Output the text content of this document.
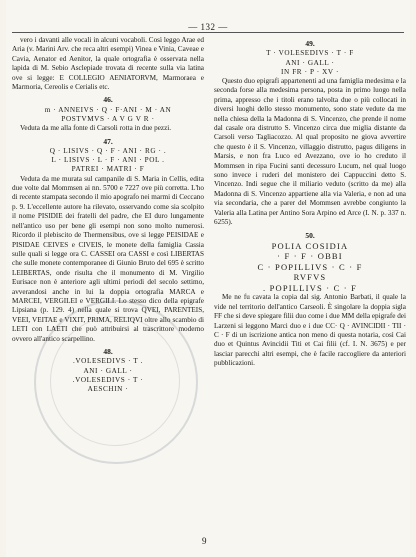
— 132 —

vero i davanti alle vocali in alcuni vocaboli. Così leggo Arae ed Aria (v. Marini Arv. che reca altri esempi) Vinea e Vinia, Caveae e Cavia, Aenator ed Aenitor, la quale ortografia è osservata nella lapida di M. Sebio Asclepiade trovata di recente sulla via latina ove si legge: E COLLEGIO AENIATORVM, Marmoraea e Marmoria, Cereolis e Cerialis etc.

46.

m · ANNEIVS · Q · F·ANI · M · AN

POSTVMVS · A V G V R ·

Veduta da me alla fonte di Carsoli rotta in due pezzi.

47.

Q · LISIVS · Q · F · ANI · RG · .

L · LISIVS · L · F · ANI · POL .

PATREI · MATRI · F

Veduta da me murata sul campanile di S. Maria in Cellis, edita due volte dal Mommsen ai nn. 5700 e 7227 ove più corretta. L'ho di recente stampata secondo il mio apografo nei marmi di Ceccano p. 9. L'eccellente autore ha rilevato, osservando come sia scolpito il nome PISIDIE dei fratelli del padre, che EI duro lungamente nell'antico uso per bene gli esempi non sono molto numerosi. Ricordo il plebiscito de Thermensibus, ove si legge PEISIDAE e PISIDAE CEIVES e CIVEIS, le monete della famiglia Cassia sulle quali si legge ora C. CASSEI ora CASSI e così LIBERTAS che sulle monete contemporanee di Giunio Bruto del 695 è scritto LEIBERTAS, onde risulta che il monumento di M. Virgilio Eurisace non è anteriore agli ultimi periodi del secolo settimo, avverandosi anche in lui la doppia ortografia MARCA e MARCEI, VERGILEI e VERGILI. Lo stesso dico della epigrafe Lipsiana (p. 129. 4) nella quale si trova QVEI, PARENTEIS, VEEI, VEITAE e VIXIT, PRIMA, RELIQVI oltre allo scambio di LETI con LAETI che può attribuirsi al trascrittore moderno ovvero all'antico scarpellino.

48.

.VOLESEDIVS · T .

ANI · GALL ·

.VOLESEDIVS · T ·

AESCHIN ·

49.

T · VOLESEDIVS · T · F

ANI · GALL ·

IN FR · P · XV ·

Questo duo epigrafi appartenenti ad una famiglia medesima e la seconda forse alla medesima persona, posta in primo luogo nella prima, appresso che i titoli erano talvolta due o più collocati in diversi luoghi dello stesso monumento, sono state vedute da me nella chiesa della la Madonna di S. Vincenzo, che prende il nome dal casale ora distrutto S. Vincenzo circa due miglia distante da Carsoli verso Tagliacozzo. Al qual proposito ne giova avvertire che questo è il S. Vincenzo, villaggio distrutto, pagus diligens in Marsis, e non fra Luco ed Avezzano, ove io ho creduto il Mommsen in ripa Fucini santi decessuro Lucum, nel qual luogo sono invece i ruderi del monistero dei Cappuccini detto S. Vincenzo. Indi segue che il miliario veduto (scritto da me) alla Madonna di S. Vincenzo appartiene alla via Valeria, e non ad una via secondaria, che a parer del Mommsen avrebbe congiunto la Valeria alla Latina per Antino Sora Arpino ed Arce (I. N. p. 337 n. 6255).

50.

POLIA COSIDIA

· F · F · OBBI

C · POPILLIVS · C · F

RVFVS

. POPILLIVS · C · F

Me ne fu cavata la copia dal sig. Antonio Barbati, il quale la vide nel territorio dell'antico Carseoli. È singolare la doppia sigla FF che si deve spiegare filii duo come i due MM della epigrafe dei Larzeni si leggono Marci duo e i due CC· Q · AVINCIDII · TII · C · F di un iscrizione antica non meno di questa notaria, così Cai duo et Quintus Avincidii Titi et Cai filii (cf. I. N. 3675) e per lasciar parecchi altri esempi, che è facile raccogliere da anteriori pubblicazioni.

9
